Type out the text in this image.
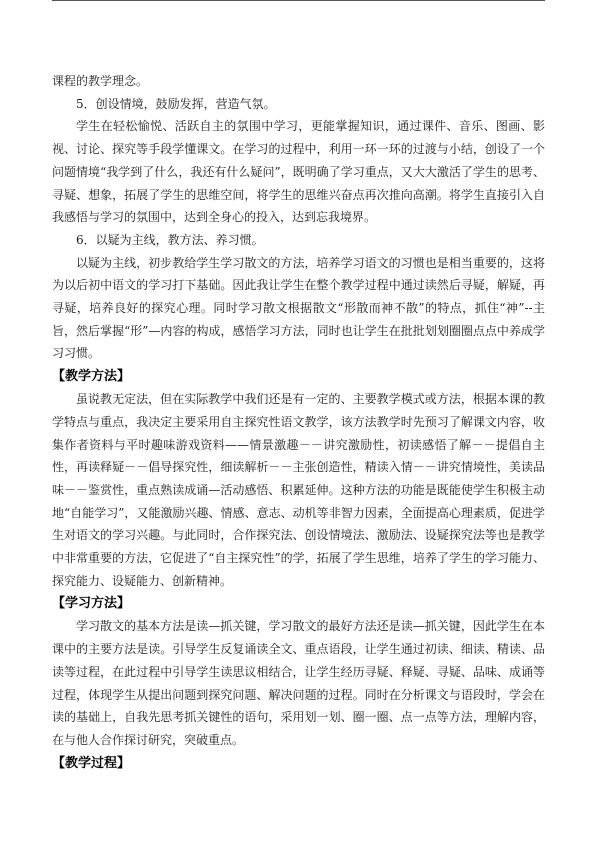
课程的教学理念。

5．创设情境，鼓励发挥，营造气氛。

学生在轻松愉悦、活跃自主的氛围中学习，更能掌握知识，通过课件、音乐、图画、影视、讨论、探究等手段学懂课文。在学习的过程中，利用一环一环的过渡与小结，创设了一个问题情境“我学到了什么，我还有什么疑问”，既明确了学习重点，又大大激活了学生的思考、寻疑、想象，拓展了学生的思维空间，将学生的思维兴奋点再次推向高潮。将学生直接引入自我感悟与学习的氛围中，达到全身心的投入，达到忘我境界。

6．以疑为主线，教方法、养习惯。

以疑为主线，初步教给学生学习散文的方法，培养学习语文的习惯也是相当重要的，这将为以后初中语文的学习打下基础。因此我让学生在整个教学过程中通过读然后寻疑，解疑，再寻疑，培养良好的探究心理。同时学习散文根据散文“形散而神不散”的特点，抓住“神”--主旨，然后掌握“形”—内容的构成，感悟学习方法，同时也让学生在批批划划圈圈点点中养成学习习惯。

【教学方法】

虽说教无定法，但在实际教学中我们还是有一定的、主要教学模式或方法，根据本课的教学特点与重点，我决定主要采用自主探究性语文教学，该方法教学时先预习了解课文内容，收集作者资料与平时趣味游戏资料——情景激趣－－讲究激励性，初读感悟了解－－提倡自主性，再读释疑－－倡导探究性，细读解析－－主张创造性，精读入情－－讲究情境性，美读品味－－鉴赏性，重点熟读成诵—活动感悟、积累延伸。这种方法的功能是既能使学生积极主动地“自能学习”，又能激励兴趣、情感、意志、动机等非智力因素，全面提高心理素质，促进学生对语文的学习兴趣。与此同时，合作探究法、创设情境法、激励法、设疑探究法等也是教学中非常重要的方法，它促进了“自主探究性”的学，拓展了学生思维，培养了学生的学习能力、探究能力、设疑能力、创新精神。

【学习方法】

学习散文的基本方法是读—抓关键，学习散文的最好方法还是读—抓关键，因此学生在本课中的主要方法是读。引导学生反复诵读全文、重点语段，让学生通过初读、细读、精读、品读等过程，在此过程中引导学生读思议相结合，让学生经历寻疑、释疑、寻疑、品味、成诵等过程，体现学生从提出问题到探究问题、解决问题的过程。同时在分析课文与语段时，学会在读的基础上，自我先思考抓关键性的语句，采用划一划、圈一圈、点一点等方法，理解内容，在与他人合作探讨研究，突破重点。

【教学过程】
